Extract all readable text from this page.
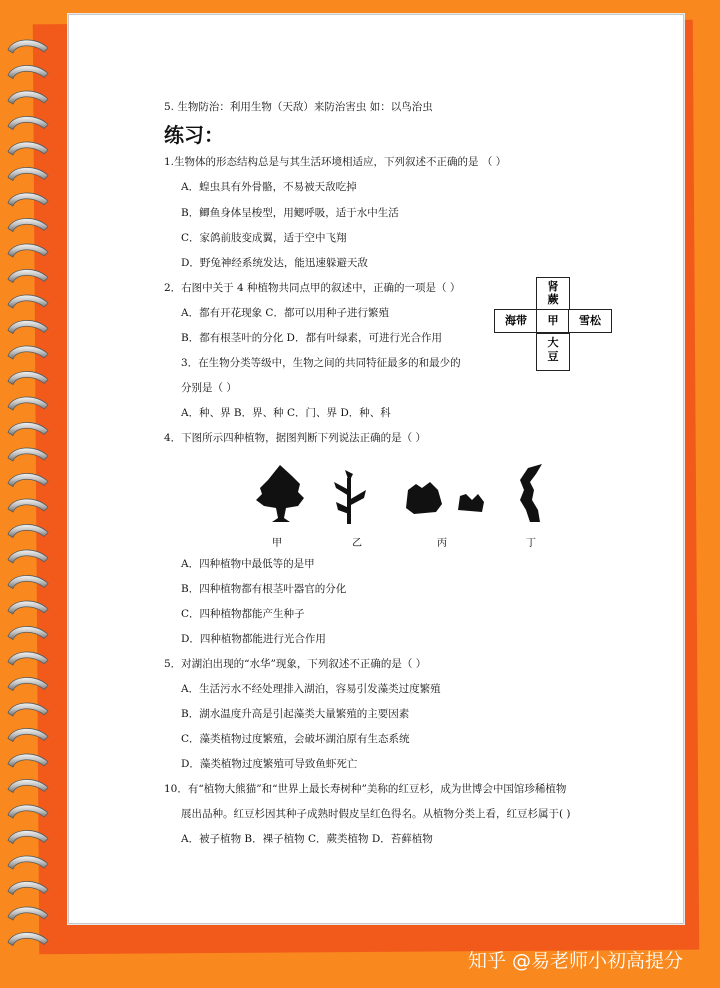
5. 生物防治：利用生物（天敌）来防治害虫 如：以鸟治虫
练习：
1.生物体的形态结构总是与其生活环境相适应，下列叙述不正确的是 （ ）
A．蝗虫具有外骨骼，不易被天敌吃掉
B．鲫鱼身体呈梭型，用鳃呼吸，适于水中生活
C．家鸽前肢变成翼，适于空中飞翔
D．野兔神经系统发达，能迅速躲避天敌
2．右图中关于 4 种植物共同点甲的叙述中，正确的一项是（ ）
A．都有开花现象 C．都可以用种子进行繁殖
B．都有根茎叶的分化 D．都有叶绿素，可进行光合作用
肾
蕨
海带	甲	雪松
大
豆
3．在生物分类等级中，生物之间的共同特征最多的和最少的
分别是（ ）
A．种、界 B．界、种 C．门、界 D．种、科
4．下图所示四种植物，据图判断下列说法正确的是（ ）
甲	乙	丙	丁
A．四种植物中最低等的是甲
B．四种植物都有根茎叶器官的分化
C．四种植物都能产生种子
D．四种植物都能进行光合作用
5．对湖泊出现的“水华”现象，下列叙述不正确的是（ ）
A．生活污水不经处理排入湖泊，容易引发藻类过度繁殖
B．湖水温度升高是引起藻类大量繁殖的主要因素
C．藻类植物过度繁殖，会破坏湖泊原有生态系统
D．藻类植物过度繁殖可导致鱼虾死亡
10．有“植物大熊猫”和“世界上最长寿树种”美称的红豆杉，成为世博会中国馆珍稀植物
展出品种。红豆杉因其种子成熟时假皮呈红色得名。从植物分类上看，红豆杉属于( )
A．被子植物 B．裸子植物 C．蕨类植物 D．苔藓植物
知乎 @易老师小初高提分
